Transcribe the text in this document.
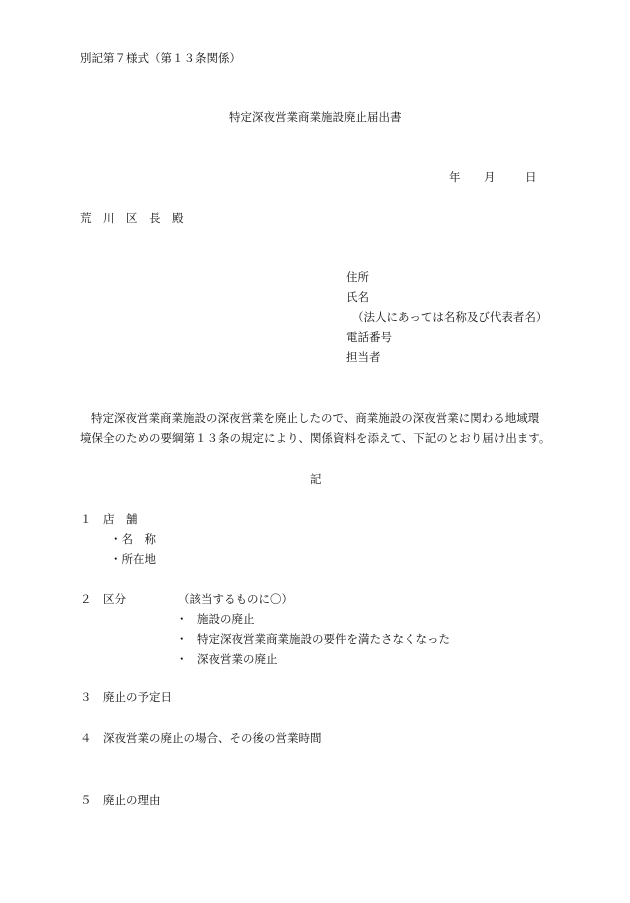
別記第７様式（第１３条関係）
特定深夜営業商業施設廃止届出書
年 月	日
荒 川 区 長 殿
住所
氏名
（法人にあっては名称及び代表者名）
電話番号
担当者
特定深夜営業商業施設の深夜営業を廃止したので、商業施設の深夜営業に関わる地域環
境保全のための要綱第１３条の規定により、関係資料を添えて、下記のとおり届け出ます。
記
１ 店　舗
・名　称
・所在地
２ 区分	（該当するものに〇）
・ 施設の廃止
・ 特定深夜営業商業施設の要件を満たさなくなった
・ 深夜営業の廃止
３ 廃止の予定日
４ 深夜営業の廃止の場合、その後の営業時間
５ 廃止の理由
